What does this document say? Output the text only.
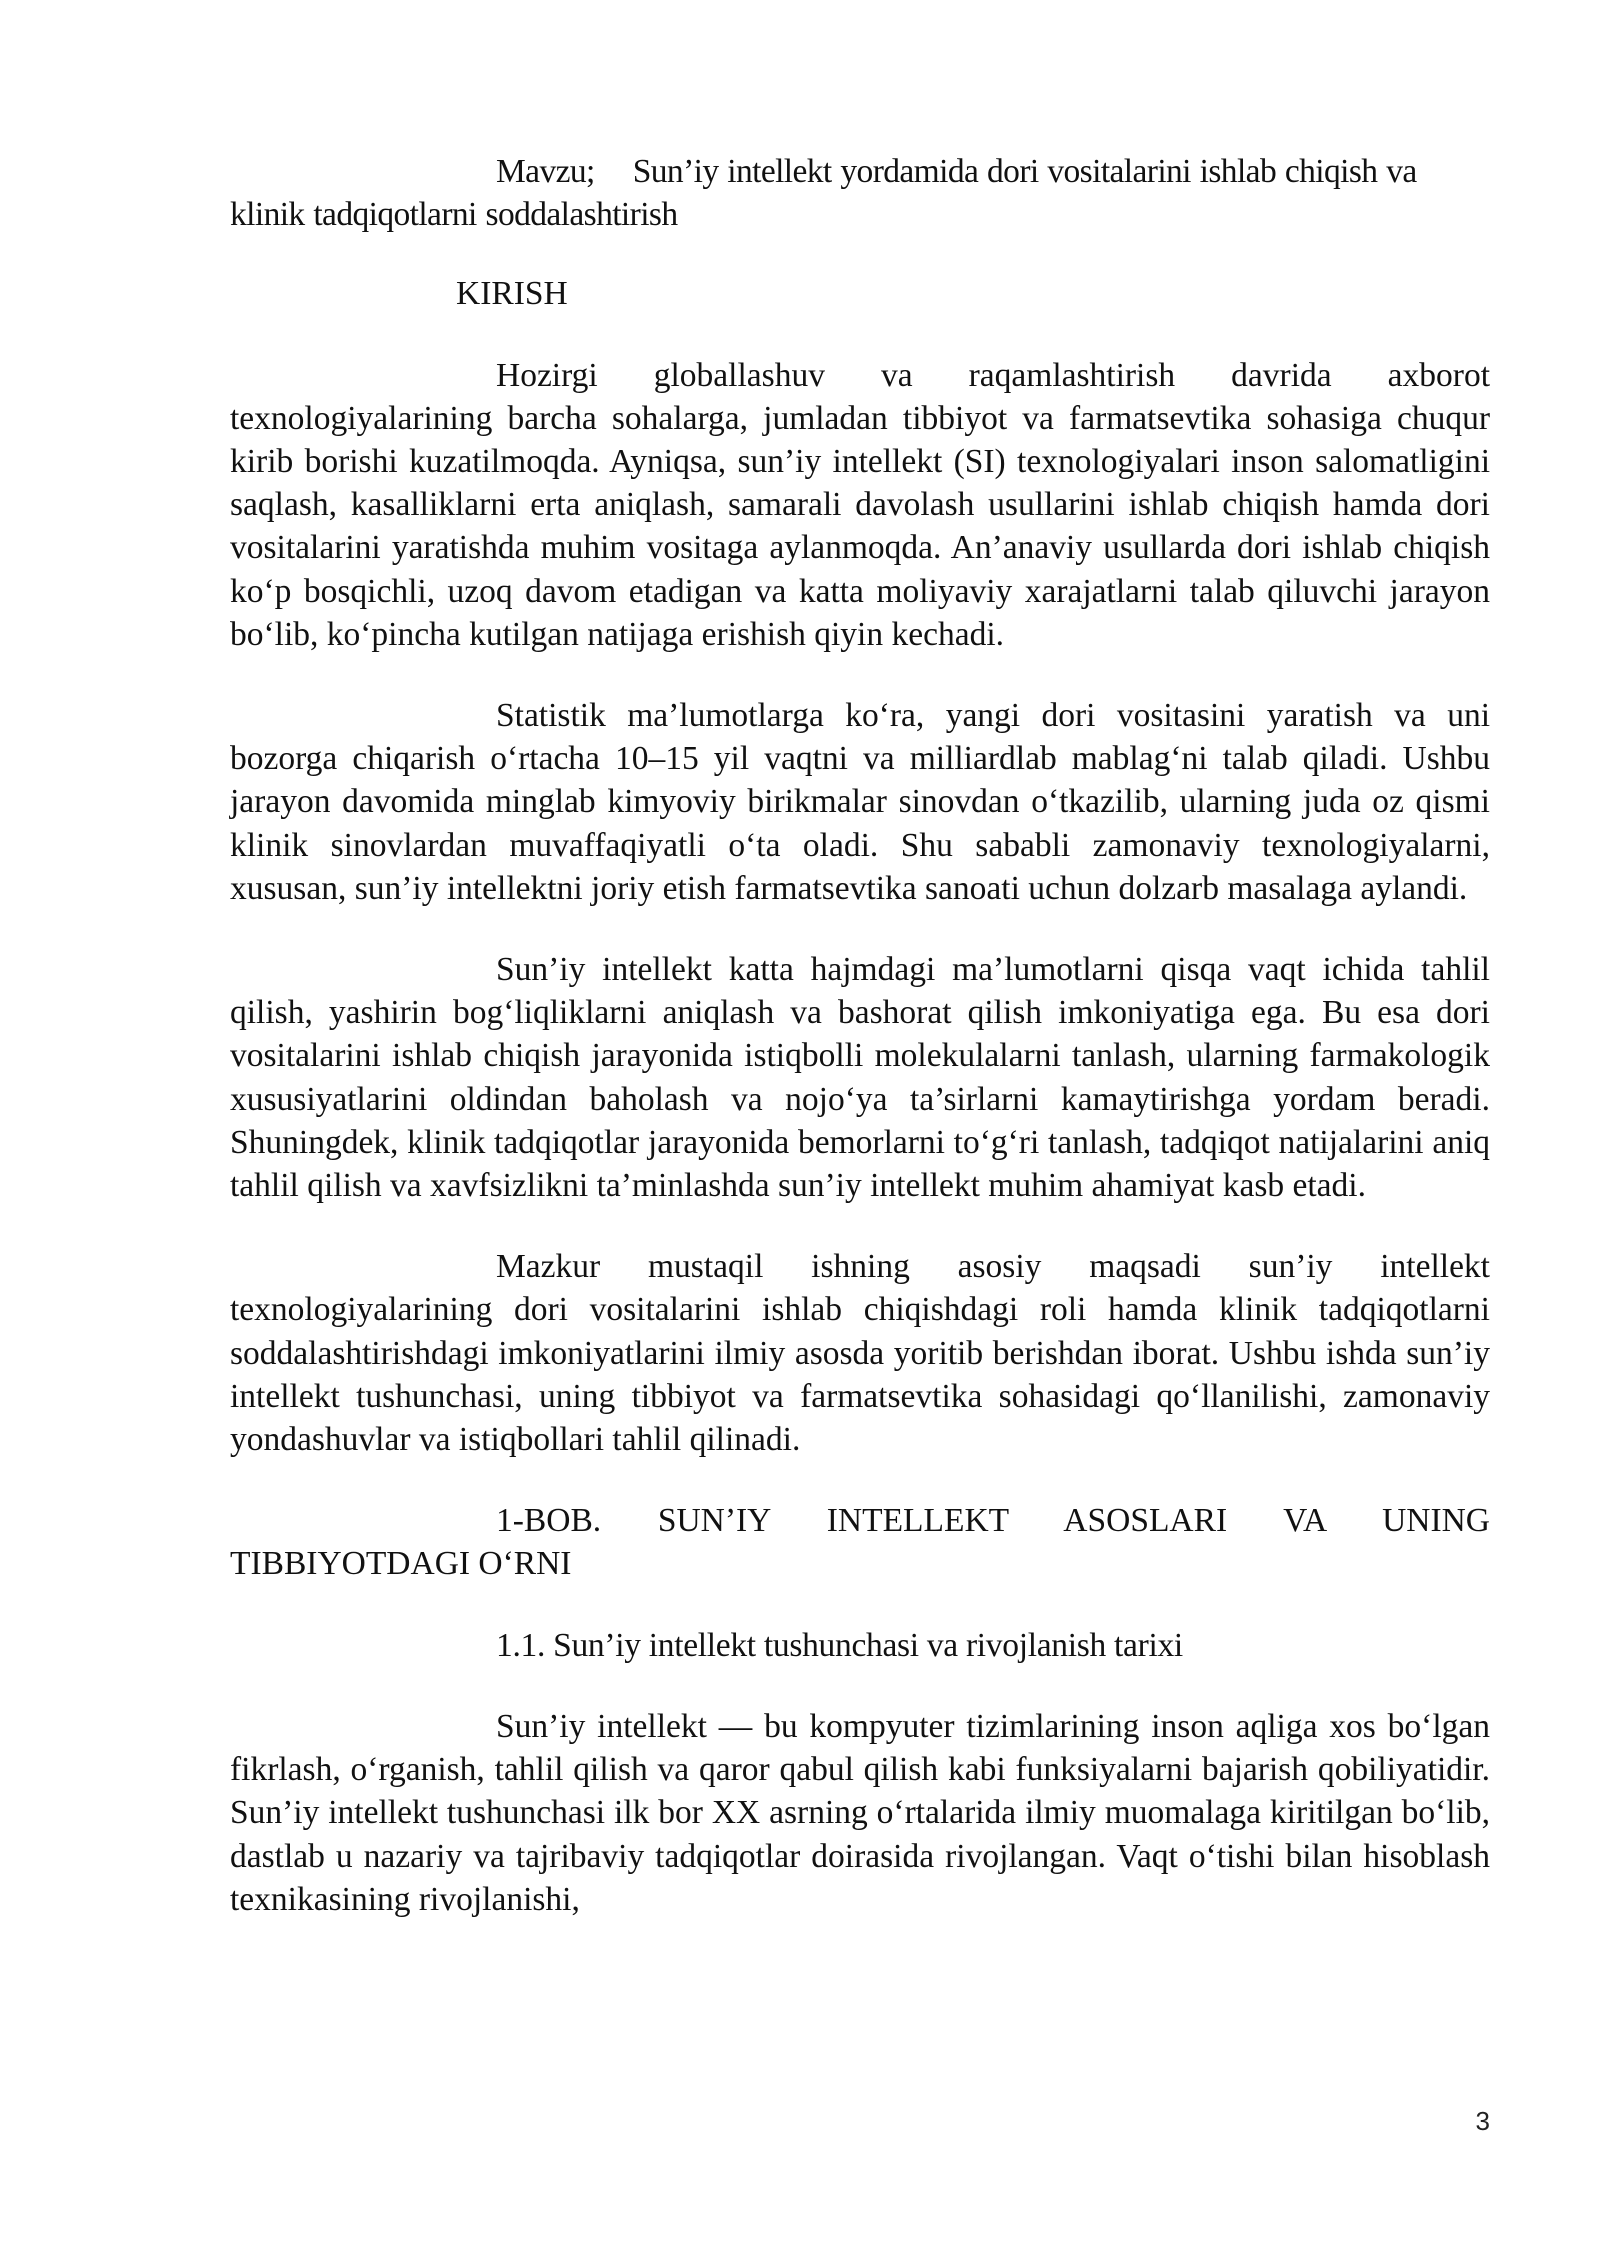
Mavzu; Sun’iy intellekt yordamida dori vositalarini ishlab chiqish va klinik tadqiqotlarni soddalashtirish

KIRISH

Hozirgi globallashuv va raqamlashtirish davrida axborot texnologiyalarining barcha sohalarga, jumladan tibbiyot va farmatsevtika sohasiga chuqur kirib borishi kuzatilmoqda. Ayniqsa, sun’iy intellekt (SI) texnologiyalari inson salomatligini saqlash, kasalliklarni erta aniqlash, samarali davolash usullarini ishlab chiqish hamda dori vositalarini yaratishda muhim vositaga aylanmoqda. An’anaviy usullarda dori ishlab chiqish ko‘p bosqichli, uzoq davom etadigan va katta moliyaviy xarajatlarni talab qiluvchi jarayon bo‘lib, ko‘pincha kutilgan natijaga erishish qiyin kechadi.

Statistik ma’lumotlarga ko‘ra, yangi dori vositasini yaratish va uni bozorga chiqarish o‘rtacha 10–15 yil vaqtni va milliardlab mablag‘ni talab qiladi. Ushbu jarayon davomida minglab kimyoviy birikmalar sinovdan o‘tkazilib, ularning juda oz qismi klinik sinovlardan muvaffaqiyatli o‘ta oladi. Shu sababli zamonaviy texnologiyalarni, xususan, sun’iy intellektni joriy etish farmatsevtika sanoati uchun dolzarb masalaga aylandi.

Sun’iy intellekt katta hajmdagi ma’lumotlarni qisqa vaqt ichida tahlil qilish, yashirin bog‘liqliklarni aniqlash va bashorat qilish imkoniyatiga ega. Bu esa dori vositalarini ishlab chiqish jarayonida istiqbolli molekulalarni tanlash, ularning farmakologik xususiyatlarini oldindan baholash va nojo‘ya ta’sirlarni kamaytirishga yordam beradi. Shuningdek, klinik tadqiqotlar jarayonida bemorlarni to‘g‘ri tanlash, tadqiqot natijalarini aniq tahlil qilish va xavfsizlikni ta’minlashda sun’iy intellekt muhim ahamiyat kasb etadi.

Mazkur mustaqil ishning asosiy maqsadi sun’iy intellekt texnologiyalarining dori vositalarini ishlab chiqishdagi roli hamda klinik tadqiqotlarni soddalashtirishdagi imkoniyatlarini ilmiy asosda yoritib berishdan iborat. Ushbu ishda sun’iy intellekt tushunchasi, uning tibbiyot va farmatsevtika sohasidagi qo‘llanilishi, zamonaviy yondashuvlar va istiqbollari tahlil qilinadi.

1-BOB. SUN’IY INTELLEKT ASOSLARI VA UNING TIBBIYOTDAGI O‘RNI

1.1. Sun’iy intellekt tushunchasi va rivojlanish tarixi

Sun’iy intellekt — bu kompyuter tizimlarining inson aqliga xos bo‘lgan fikrlash, o‘rganish, tahlil qilish va qaror qabul qilish kabi funksiyalarni bajarish qobiliyatidir. Sun’iy intellekt tushunchasi ilk bor XX asrning o‘rtalarida ilmiy muomalaga kiritilgan bo‘lib, dastlab u nazariy va tajribaviy tadqiqotlar doirasida rivojlangan. Vaqt o‘tishi bilan hisoblash texnikasining rivojlanishi,

3
